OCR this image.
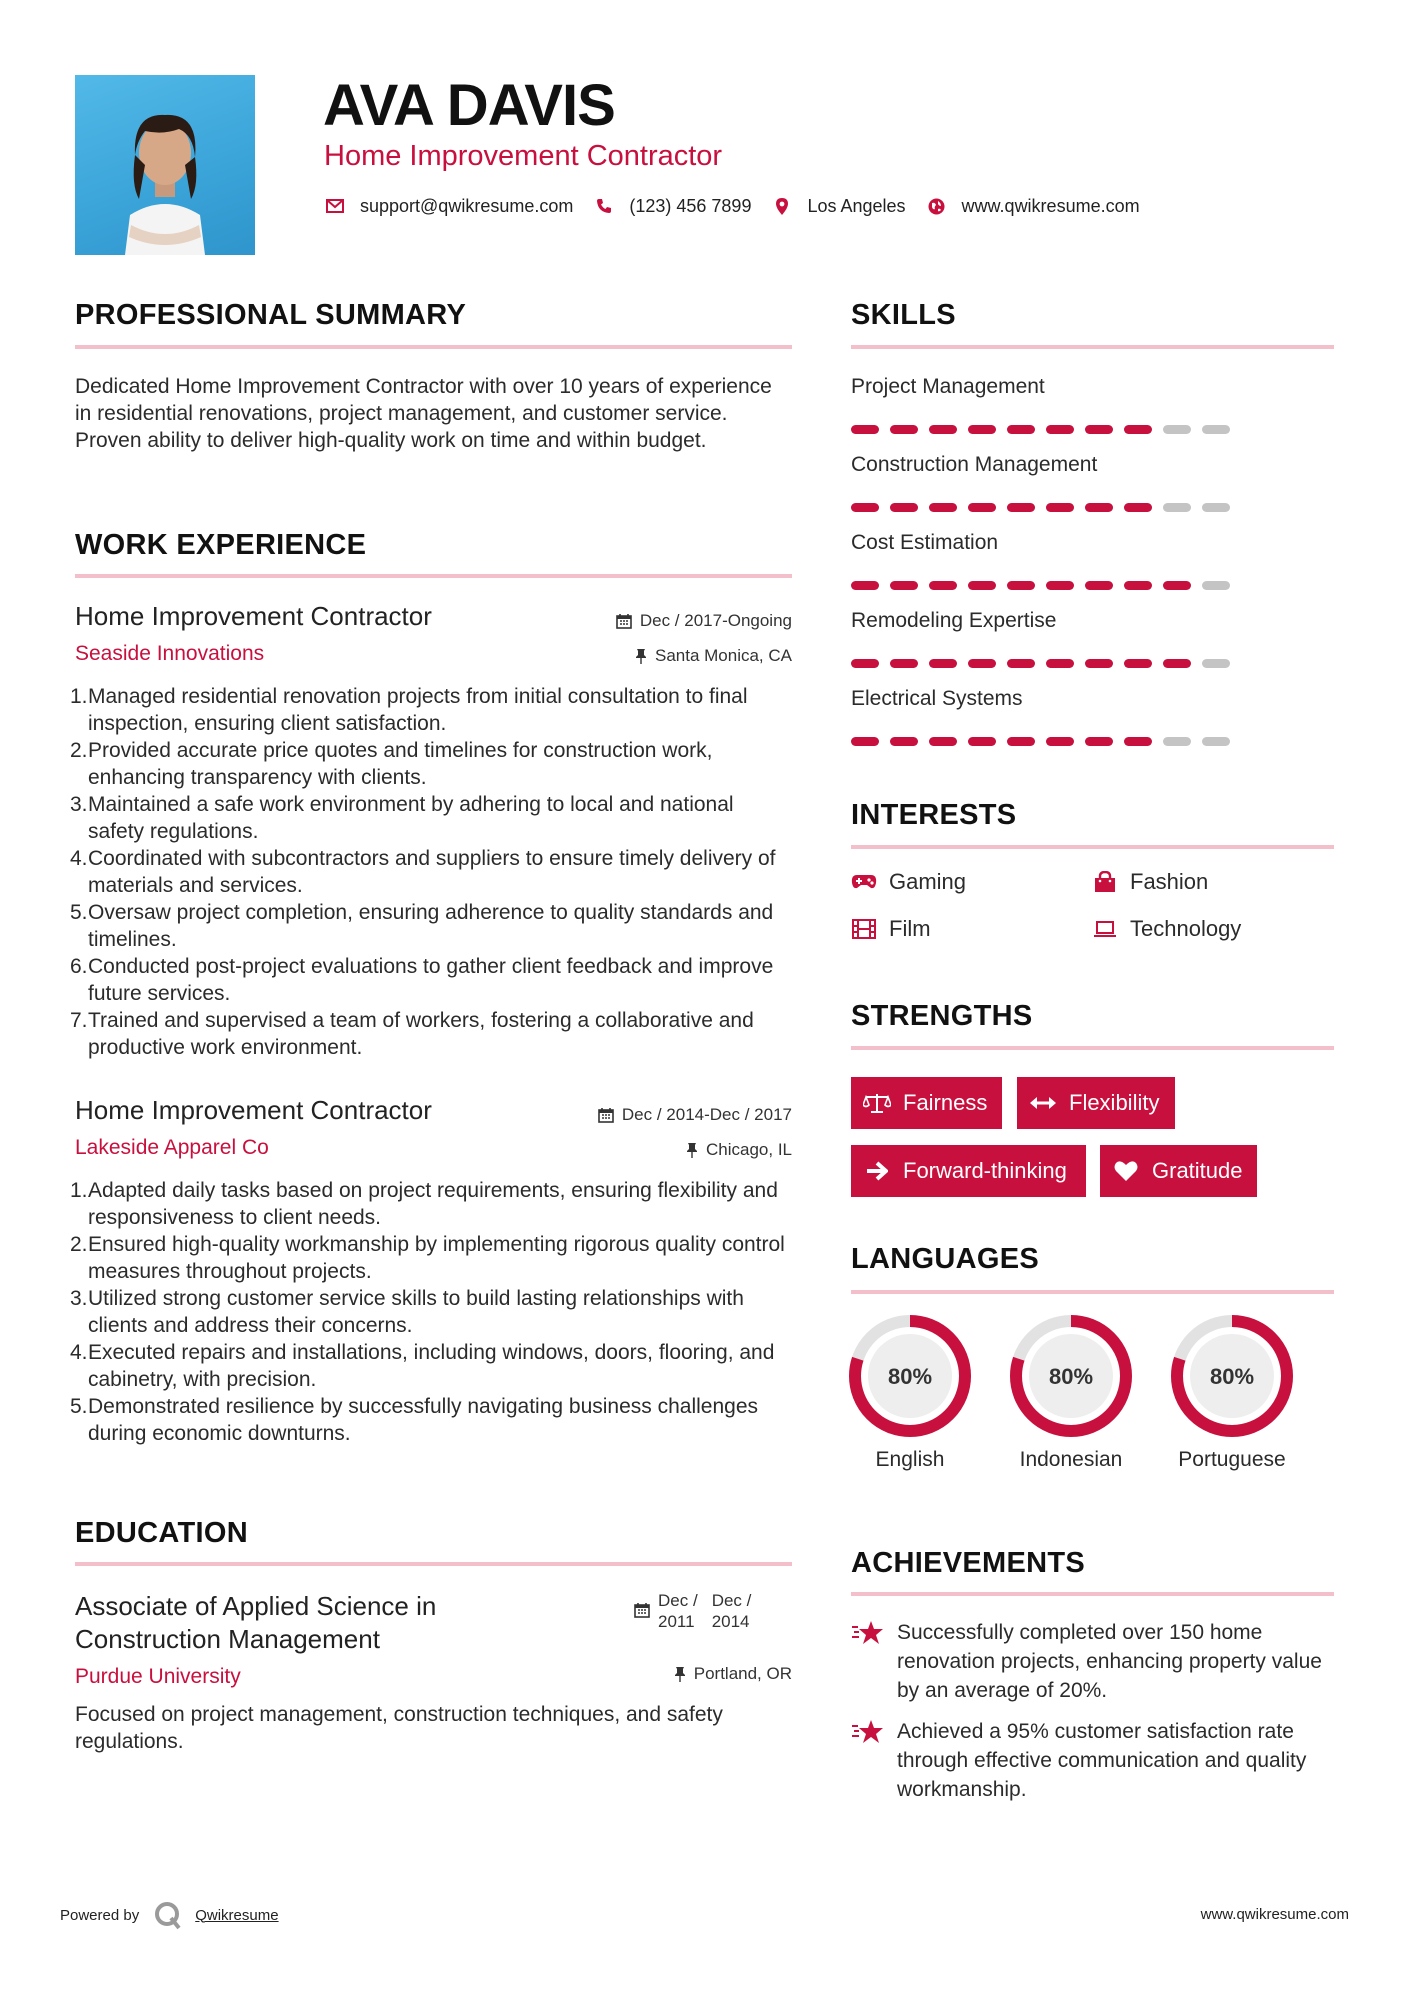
AVA DAVIS
Home Improvement Contractor
support@qwikresume.com	(123) 456 7899	Los Angeles	www.qwikresume.com
PROFESSIONAL SUMMARY
Dedicated Home Improvement Contractor with over 10 years of experience in residential renovations, project management, and customer service. Proven ability to deliver high-quality work on time and within budget.
WORK EXPERIENCE
Home Improvement Contractor	Dec / 2017-Ongoing
Seaside Innovations	Santa Monica, CA
1. Managed residential renovation projects from initial consultation to final inspection, ensuring client satisfaction.
2. Provided accurate price quotes and timelines for construction work, enhancing transparency with clients.
3. Maintained a safe work environment by adhering to local and national safety regulations.
4. Coordinated with subcontractors and suppliers to ensure timely delivery of materials and services.
5. Oversaw project completion, ensuring adherence to quality standards and timelines.
6. Conducted post-project evaluations to gather client feedback and improve future services.
7. Trained and supervised a team of workers, fostering a collaborative and productive work environment.
Home Improvement Contractor	Dec / 2014-Dec / 2017
Lakeside Apparel Co	Chicago, IL
1. Adapted daily tasks based on project requirements, ensuring flexibility and responsiveness to client needs.
2. Ensured high-quality workmanship by implementing rigorous quality control measures throughout projects.
3. Utilized strong customer service skills to build lasting relationships with clients and address their concerns.
4. Executed repairs and installations, including windows, doors, flooring, and cabinetry, with precision.
5. Demonstrated resilience by successfully navigating business challenges during economic downturns.
EDUCATION
Associate of Applied Science in
Construction Management
Dec /
2011
Dec /
2014
Purdue University	Portland, OR
Focused on project management, construction techniques, and safety regulations.
SKILLS
Project Management
Construction Management
Cost Estimation
Remodeling Expertise
Electrical Systems
INTERESTS
Gaming	Fashion
Film	Technology
STRENGTHS
Fairness	Flexibility
Forward-thinking	Gratitude
LANGUAGES
80%
English
80%
Indonesian
80%
Portuguese
ACHIEVEMENTS
Successfully completed over 150 home renovation projects, enhancing property value by an average of 20%.
Achieved a 95% customer satisfaction rate through effective communication and quality workmanship.
Powered by	Qwikresume	www.qwikresume.com
